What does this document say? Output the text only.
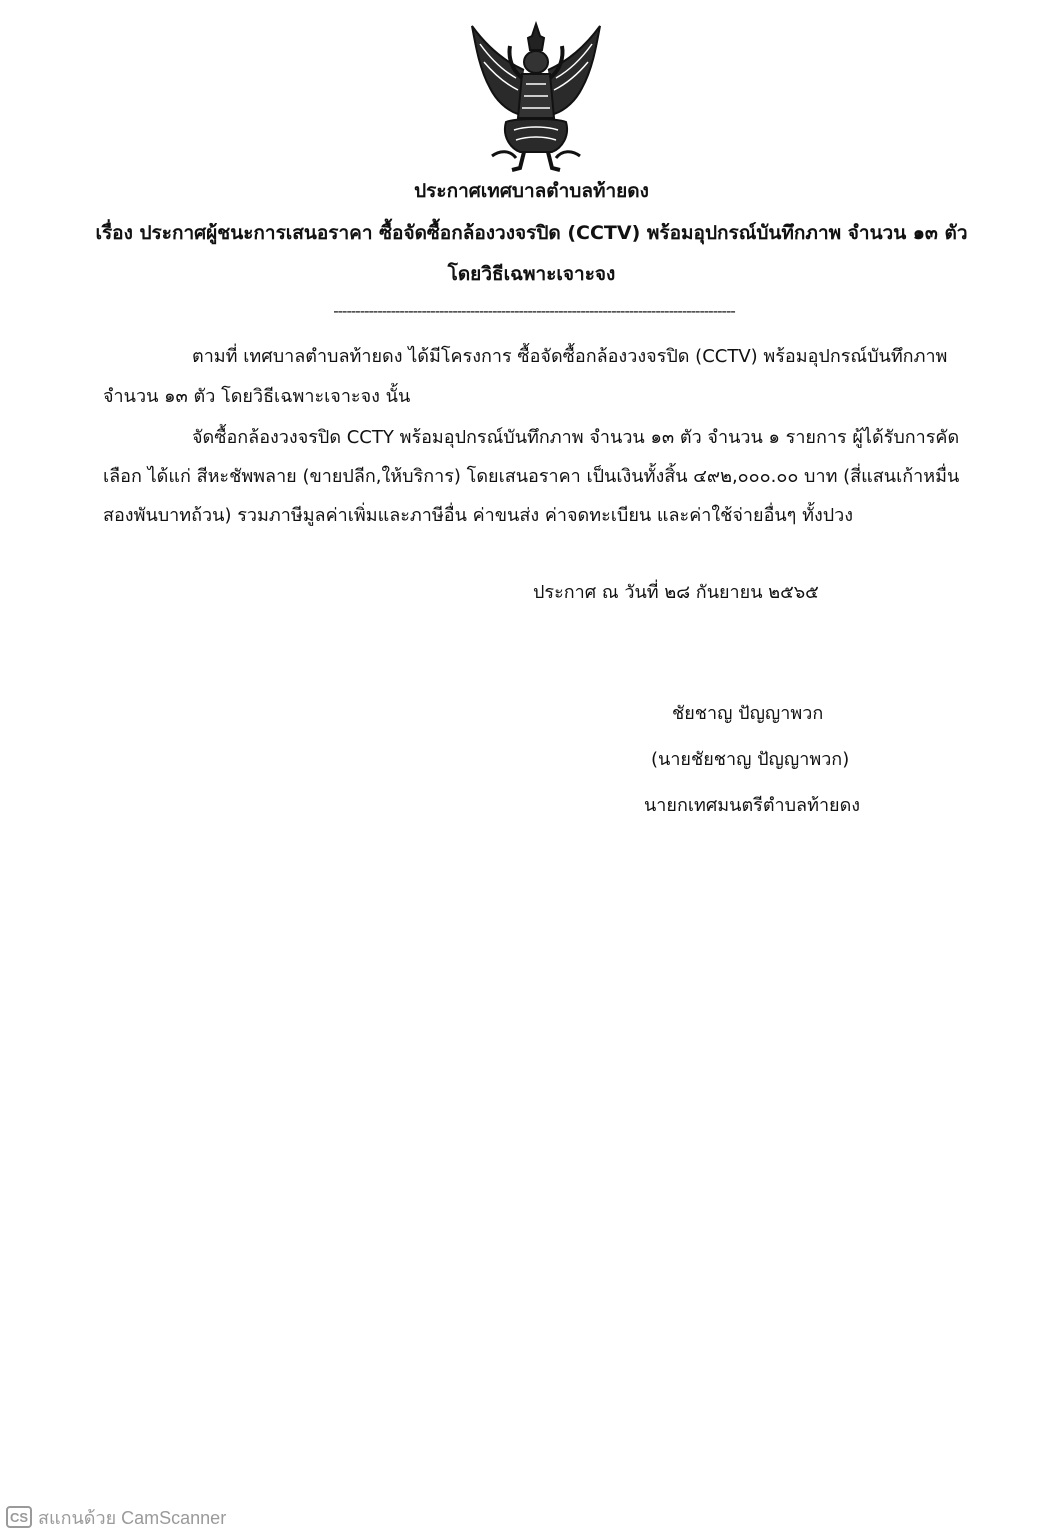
ประกาศเทศบาลตำบลท้ายดง
เรื่อง ประกาศผู้ชนะการเสนอราคา ซื้อจัดซื้อกล้องวงจรปิด (CCTV) พร้อมอุปกรณ์บันทึกภาพ จำนวน ๑๓ ตัว
โดยวิธีเฉพาะเจาะจง
-------------------------------------------------------------------------------------------
ตามที่ เทศบาลตำบลท้ายดง ได้มีโครงการ ซื้อจัดซื้อกล้องวงจรปิด (CCTV) พร้อมอุปกรณ์บันทึกภาพ
จำนวน ๑๓ ตัว โดยวิธีเฉพาะเจาะจง นั้น
จัดซื้อกล้องวงจรปิด CCTY พร้อมอุปกรณ์บันทึกภาพ จำนวน ๑๓ ตัว จำนวน ๑ รายการ ผู้ได้รับการคัด
เลือก ได้แก่ สีหะชัพพลาย (ขายปลีก,ให้บริการ) โดยเสนอราคา เป็นเงินทั้งสิ้น ๔๙๒,๐๐๐.๐๐ บาท (สี่แสนเก้าหมื่น
สองพันบาทถ้วน) รวมภาษีมูลค่าเพิ่มและภาษีอื่น ค่าขนส่ง ค่าจดทะเบียน และค่าใช้จ่ายอื่นๆ ทั้งปวง
ประกาศ ณ วันที่ ๒๘ กันยายน ๒๕๖๕
ชัยชาญ ปัญญาพวก
(นายชัยชาญ ปัญญาพวก)
นายกเทศมนตรีตำบลท้ายดง
CS สแกนด้วย CamScanner
